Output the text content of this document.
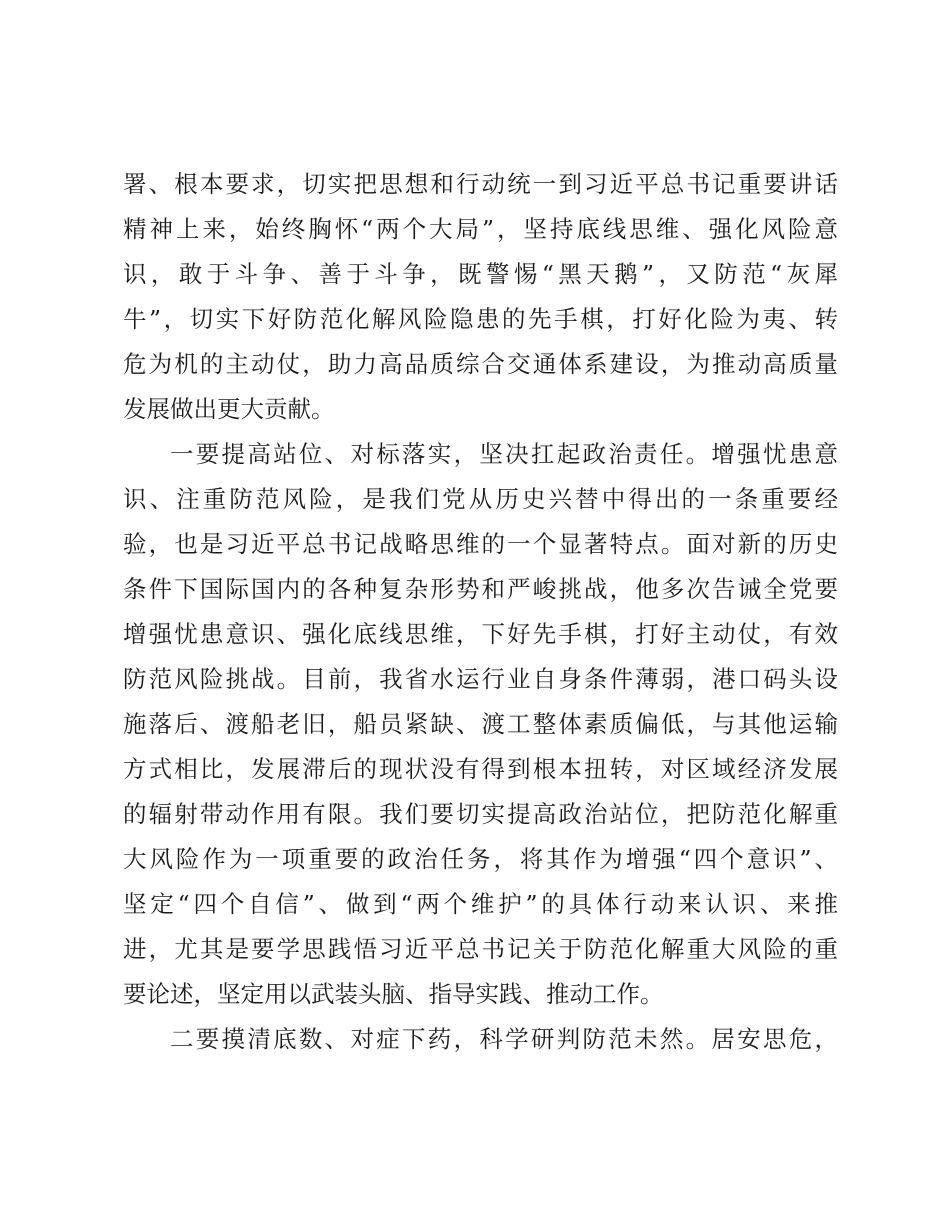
署、根本要求，切实把思想和行动统一到习近平总书记重要讲话
精神上来，始终胸怀“两个大局”，坚持底线思维、强化风险意
识，敢于斗争、善于斗争，既警惕“黑天鹅”，又防范“灰犀
牛”，切实下好防范化解风险隐患的先手棋，打好化险为夷、转
危为机的主动仗，助力高品质综合交通体系建设，为推动高质量
发展做出更大贡献。
一要提高站位、对标落实，坚决扛起政治责任。增强忧患意
识、注重防范风险，是我们党从历史兴替中得出的一条重要经
验，也是习近平总书记战略思维的一个显著特点。面对新的历史
条件下国际国内的各种复杂形势和严峻挑战，他多次告诫全党要
增强忧患意识、强化底线思维，下好先手棋，打好主动仗，有效
防范风险挑战。目前，我省水运行业自身条件薄弱，港口码头设
施落后、渡船老旧，船员紧缺、渡工整体素质偏低，与其他运输
方式相比，发展滞后的现状没有得到根本扭转，对区域经济发展
的辐射带动作用有限。我们要切实提高政治站位，把防范化解重
大风险作为一项重要的政治任务，将其作为增强“四个意识”、
坚定“四个自信”、做到“两个维护”的具体行动来认识、来推
进，尤其是要学思践悟习近平总书记关于防范化解重大风险的重
要论述，坚定用以武装头脑、指导实践、推动工作。
二要摸清底数、对症下药，科学研判防范未然。居安思危，
